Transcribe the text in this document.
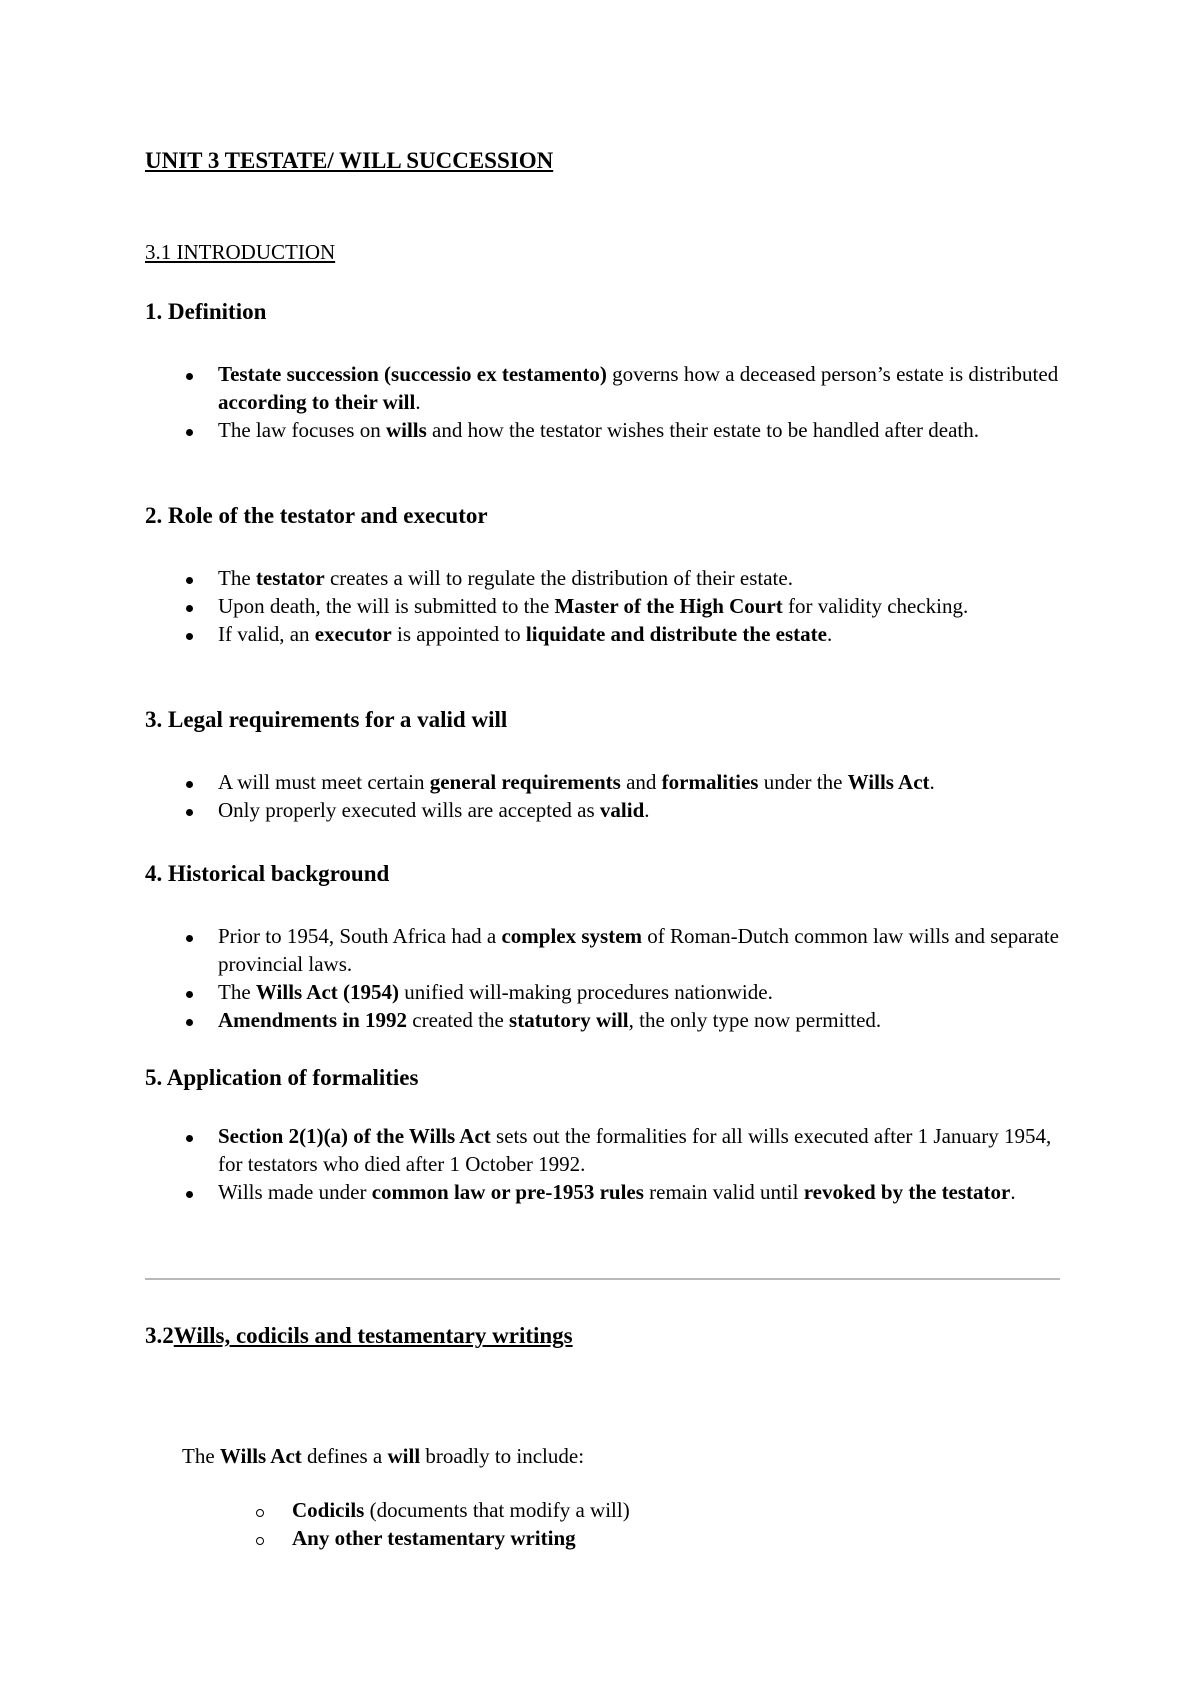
UNIT 3 TESTATE/ WILL SUCCESSION
3.1 INTRODUCTION
1. Definition
Testate succession (successio ex testamento) governs how a deceased person’s estate is distributed according to their will.
The law focuses on wills and how the testator wishes their estate to be handled after death.
2. Role of the testator and executor
The testator creates a will to regulate the distribution of their estate.
Upon death, the will is submitted to the Master of the High Court for validity checking.
If valid, an executor is appointed to liquidate and distribute the estate.
3. Legal requirements for a valid will
A will must meet certain general requirements and formalities under the Wills Act.
Only properly executed wills are accepted as valid.
4. Historical background
Prior to 1954, South Africa had a complex system of Roman-Dutch common law wills and separate provincial laws.
The Wills Act (1954) unified will-making procedures nationwide.
Amendments in 1992 created the statutory will, the only type now permitted.
5. Application of formalities
Section 2(1)(a) of the Wills Act sets out the formalities for all wills executed after 1 January 1954, for testators who died after 1 October 1992.
Wills made under common law or pre-1953 rules remain valid until revoked by the testator.
3.2Wills, codicils and testamentary writings
The Wills Act defines a will broadly to include:
Codicils (documents that modify a will)
Any other testamentary writing
